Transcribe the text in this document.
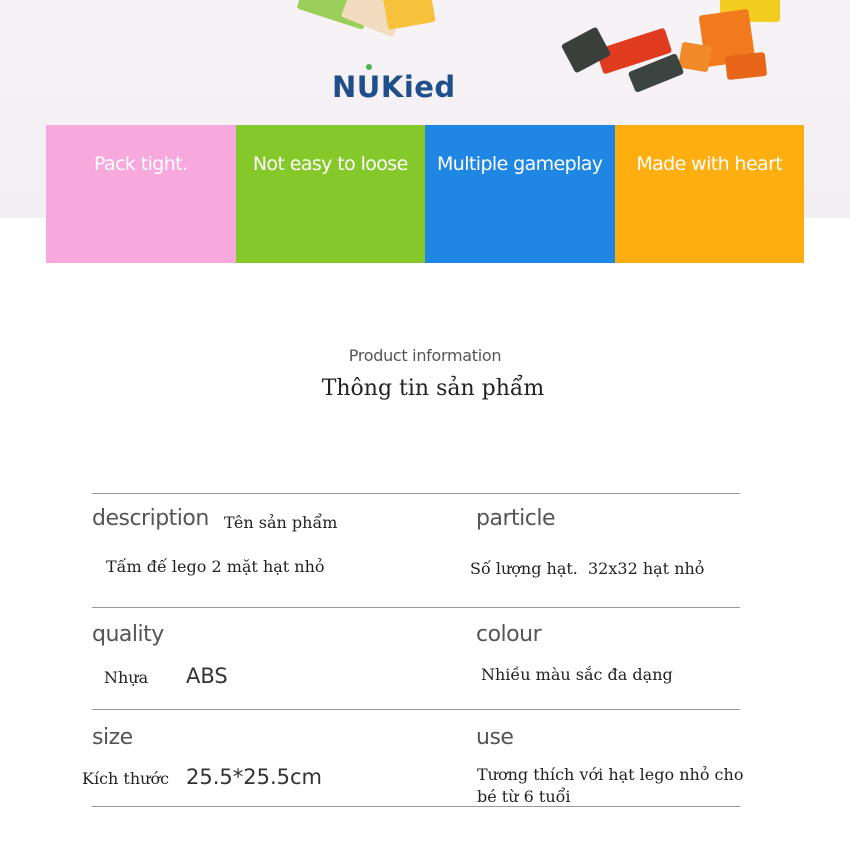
NU
Kied
Pack tight.	Not easy to loose	Multiple gameplay	Made with heart
Product information
Thông tin sản phẩm
description Tên sản phẩm
Tấm đế lego 2 mặt hạt nhỏ
particle
Số lượng hạt. 32x32 hạt nhỏ
quality
Nhựa ABS
colour
Nhiều màu sắc đa dạng
size
Kích thước 25.5*25.5cm
use
Tương thích với hạt lego nhỏ cho
bé từ 6 tuổi
